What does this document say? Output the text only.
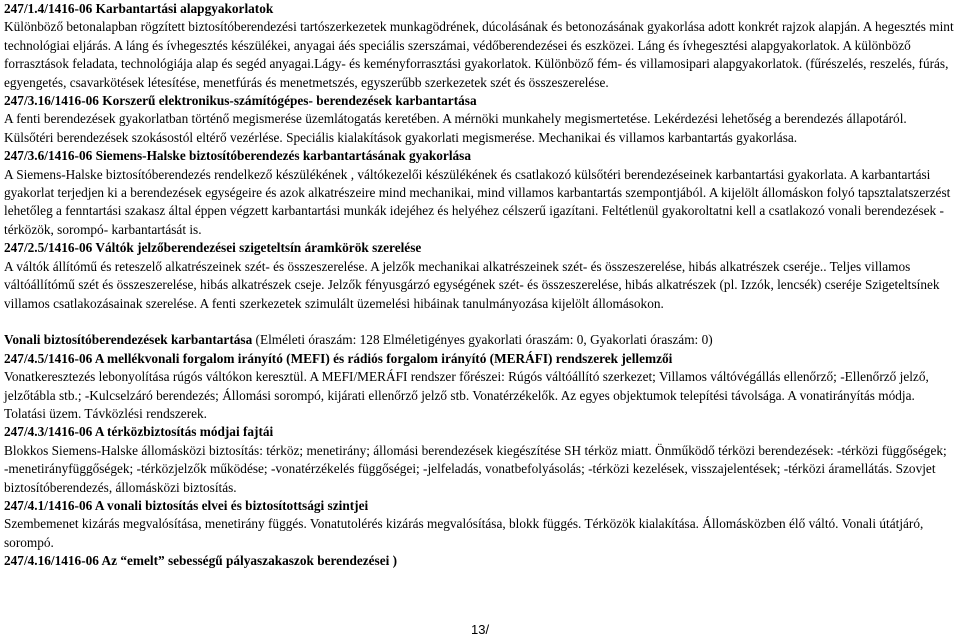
247/1.4/1416-06 Karbantartási alapgyakorlatok

Különböző betonalapban rögzített biztosítóberendezési tartószerkezetek munkagödrének, dúcolásának és betonozásának gyakorlása adott konkrét rajzok alapján. A hegesztés mint technológiai eljárás. A láng és ívhegesztés készülékei, anyagai áés speciális szerszámai, védőberendezései és eszközei. Láng és ívhegesztési alapgyakorlatok. A különböző forrasztások feladata, technológiája alap és segéd anyagai.Lágy- és keményforrasztási gyakorlatok. Különböző fém- és villamosipari alapgyakorlatok. (fűrészelés, reszelés, fúrás, egyengetés, csavarkötések létesítése, menetfúrás és menetmetszés, egyszerűbb szerkezetek szét és összeszerelése.

247/3.16/1416-06 Korszerű elektronikus-számítógépes- berendezések karbantartása

A fenti berendezések gyakorlatban történő megismerése üzemlátogatás keretében. A mérnöki munkahely megismertetése. Lekérdezési lehetőség a berendezés állapotáról. Külsőtéri berendezések szokásostól eltérő vezérlése. Speciális kialakítások gyakorlati megismerése. Mechanikai és villamos karbantartás gyakorlása.

247/3.6/1416-06 Siemens-Halske biztosítóberendezés karbantartásának gyakorlása

A Siemens-Halske biztosítóberendezés rendelkező készülékének , váltókezelői készülékének és csatlakozó külsőtéri berendezéseinek karbantartási gyakorlata. A karbantartási gyakorlat terjedjen ki a berendezések egységeire és azok alkatrészeire mind mechanikai, mind villamos karbantartás szempontjából. A kijelölt állomáskon folyó tapsztalatszerzést lehetőleg a fenntartási szakasz által éppen végzett karbantartási munkák idejéhez és helyéhez célszerű igazítani. Feltétlenül gyakoroltatni kell a csatlakozó vonali berendezések -térközök, sorompó- karbantartását is.

247/2.5/1416-06 Váltók jelzőberendezései szigeteltsín áramkörök szerelése

A váltók állítómű és reteszelő alkatrészeinek szét- és összeszerelése. A jelzők mechanikai alkatrészeinek szét- és összeszerelése, hibás alkatrészek cseréje.. Teljes villamos váltóállítómű szét és összeszerelése, hibás alkatrészek cseje. Jelzők fényusgárzó egységének szét- és összeszerelése, hibás alkatrészek (pl. Izzók, lencsék) cseréje Szigeteltsínek villamos csatlakozásainak szerelése. A fenti szerkezetek szimulált üzemelési hibáinak tanulmányozása kijelölt állomásokon.

Vonali biztosítóberendezések karbantartása (Elméleti óraszám: 128 Elméletigényes gyakorlati óraszám: 0, Gyakorlati óraszám: 0)

247/4.5/1416-06 A mellékvonali forgalom irányító (MEFI) és rádiós forgalom irányító (MERÁFI) rendszerek jellemzői

Vonatkeresztezés lebonyolítása rúgós váltókon keresztül. A MEFI/MERÁFI rendszer főrészei: Rúgós váltóállító szerkezet; Villamos váltóvégállás ellenőrző; -Ellenőrző jelző, jelzőtábla stb.; -Kulcselzáró berendezés; Állomási sorompó, kijárati ellenőrző jelző stb. Vonatérzékelők. Az egyes objektumok telepítési távolsága. A vonatirányítás módja. Tolatási üzem. Távközlési rendszerek.

247/4.3/1416-06 A térközbiztosítás módjai fajtái

Blokkos Siemens-Halske állomásközi biztosítás: térköz; menetirány; állomási berendezések kiegészítése SH térköz miatt. Önműködő térközi berendezések: -térközi függőségek; -menetirányfüggőségek; -térközjelzők működése; -vonatérzékelés függőségei; -jelfeladás, vonatbefolyásolás; -térközi kezelések, visszajelentések; -térközi áramellátás. Szovjet biztosítóberendezés, állomásközi biztosítás.

247/4.1/1416-06 A vonali biztosítás elvei és biztosítottsági szintjei

Szembemenet kizárás megvalósítása, menetirány függés. Vonatutolérés kizárás megvalósítása, blokk függés. Térközök kialakítása. Állomásközben élő váltó. Vonali útátjáró, sorompó.

247/4.16/1416-06 Az “emelt” sebességű pályaszakaszok berendezései )

13/
